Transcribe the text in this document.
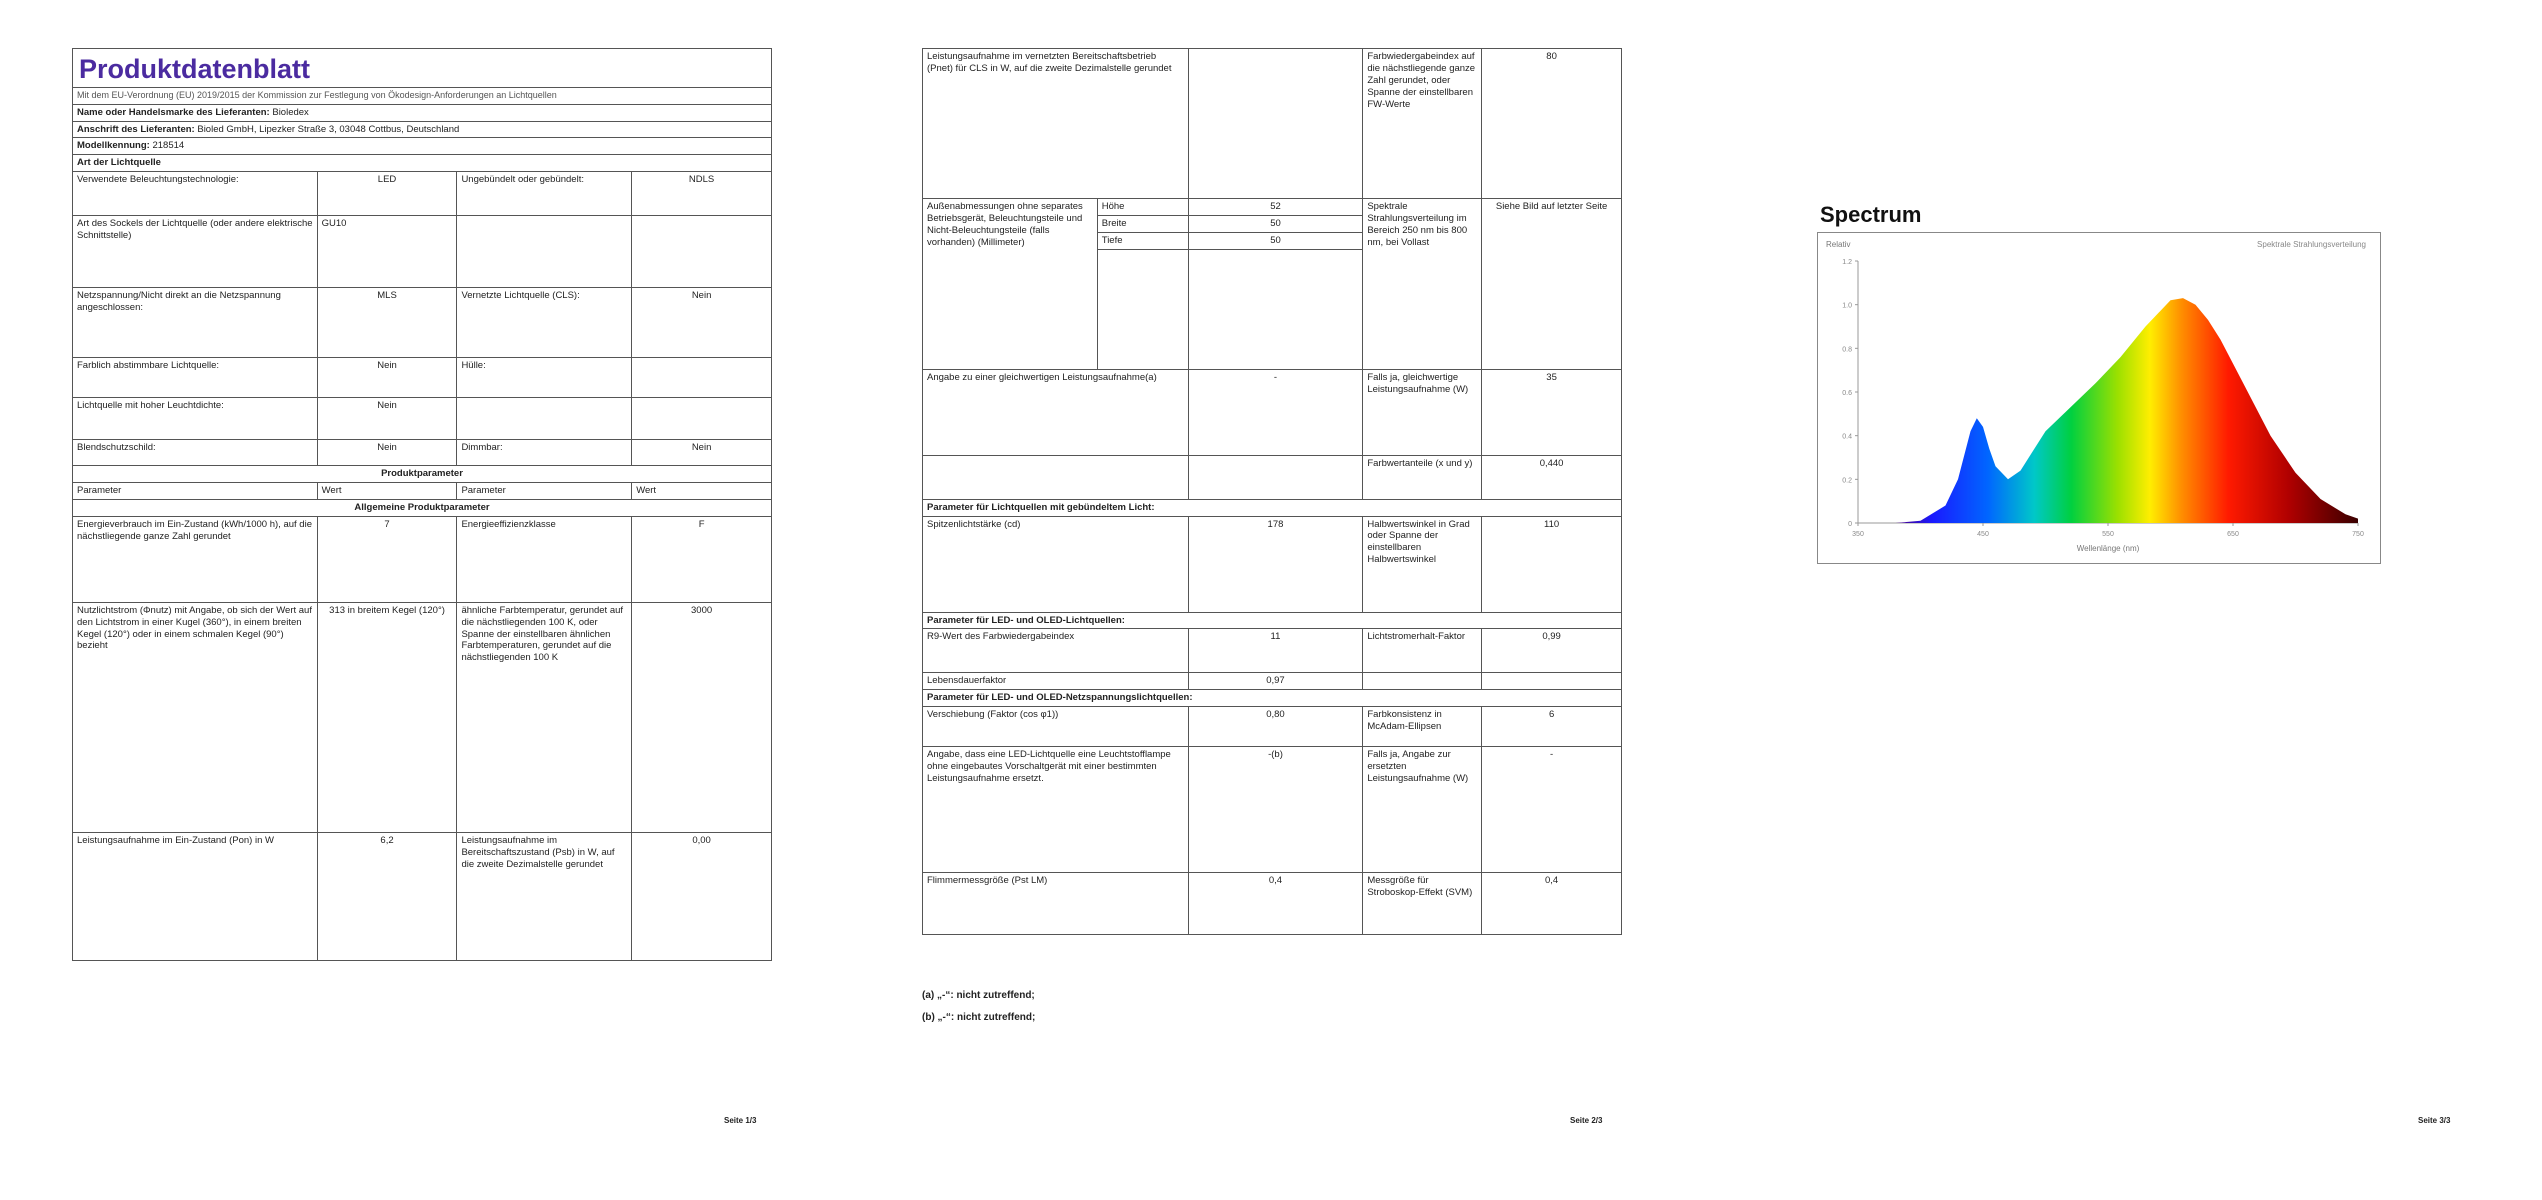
Produktdatenblatt			
Mit dem EU-Verordnung (EU) 2019/2015 der Kommission zur Festlegung von Ökodesign-Anforderungen an Lichtquellen			
Name oder Handelsmarke des Lieferanten: Bioledex			
Anschrift des Lieferanten: Bioled GmbH, Lipezker Straße 3, 03048 Cottbus, Deutschland			
Modellkennung: 218514			
Art der Lichtquelle			
Verwendete Beleuchtungstechnologie:	LED	Ungebündelt oder gebündelt:	NDLS
Art des Sockels der Lichtquelle (oder andere elektrische Schnittstelle)	GU10		
Netzspannung/Nicht direkt an die Netzspannung angeschlossen:	MLS	Vernetzte Lichtquelle (CLS):	Nein
Farblich abstimmbare Lichtquelle:	Nein	Hülle:	
Lichtquelle mit hoher Leuchtdichte:	Nein		
Blendschutzschild:	Nein	Dimmbar:	Nein
Produktparameter			
Parameter	Wert	Parameter	Wert
Allgemeine Produktparameter			
Energieverbrauch im Ein-Zustand (kWh/1000 h), auf die nächstliegende ganze Zahl gerundet	7	Energieeffizienzklasse	F
Nutzlichtstrom (Φnutz) mit Angabe, ob sich der Wert auf den Lichtstrom in einer Kugel (360°), in einem breiten Kegel (120°) oder in einem schmalen Kegel (90°) bezieht	313 in breitem Kegel (120°)	ähnliche Farbtemperatur, gerundet auf die nächstliegenden 100 K, oder Spanne der einstellbaren ähnlichen Farbtemperaturen, gerundet auf die nächstliegenden 100 K	3000
Leistungsaufnahme im Ein-Zustand (Pon) in W	6,2	Leistungsaufnahme im Bereitschaftszustand (Psb) in W, auf die zweite Dezimalstelle gerundet	0,00
Seite 1/3
Leistungsaufnahme im vernetzten Bereitschaftsbetrieb (Pnet) für CLS in W, auf die zweite Dezimalstelle gerundet			Farbwiedergabeindex auf die nächstliegende ganze Zahl gerundet, oder Spanne der einstellbaren FW-Werte	80
Außenabmessungen ohne separates Betriebsgerät, Beleuchtungsteile und Nicht-Beleuchtungsteile (falls vorhanden) (Millimeter)	Höhe	52	Spektrale Strahlungsverteilung im Bereich 250 nm bis 800 nm, bei Vollast	Siehe Bild auf letzter Seite
	Breite	50		
	Tiefe	50		

Angabe zu einer gleichwertigen Leistungsaufnahme(a)		-	Falls ja, gleichwertige Leistungsaufnahme (W)	35
			Farbwertanteile (x und y)	0,440
Parameter für Lichtquellen mit gebündeltem Licht:				
Spitzenlichtstärke (cd)		178	Halbwertswinkel in Grad oder Spanne der einstellbaren Halbwertswinkel	110
Parameter für LED- und OLED-Lichtquellen:				
R9-Wert des Farbwiedergabeindex		11	Lichtstromerhalt-Faktor	0,99
Lebensdauerfaktor		0,97		
Parameter für LED- und OLED-Netzspannungslichtquellen:				
Verschiebung (Faktor (cos φ1))		0,80	Farbkonsistenz in McAdam-Ellipsen	6
Angabe, dass eine LED-Lichtquelle eine Leuchtstofflampe ohne eingebautes Vorschaltgerät mit einer bestimmten Leistungsaufnahme ersetzt.		-(b)	Falls ja, Angabe zur ersetzten Leistungsaufnahme (W)	-
Flimmermessgröße (Pst LM)		0,4	Messgröße für Stroboskop-Effekt (SVM)	0,4
(a) „-“: nicht zutreffend;
(b) „-“: nicht zutreffend;
Seite 2/3
Spectrum
0
0.2
0.4
0.6
0.8
1.0
1.2
350	450	550	650	750
Relativ	Spektrale Strahlungsverteilung
Wellenlänge (nm)
Seite 3/3
